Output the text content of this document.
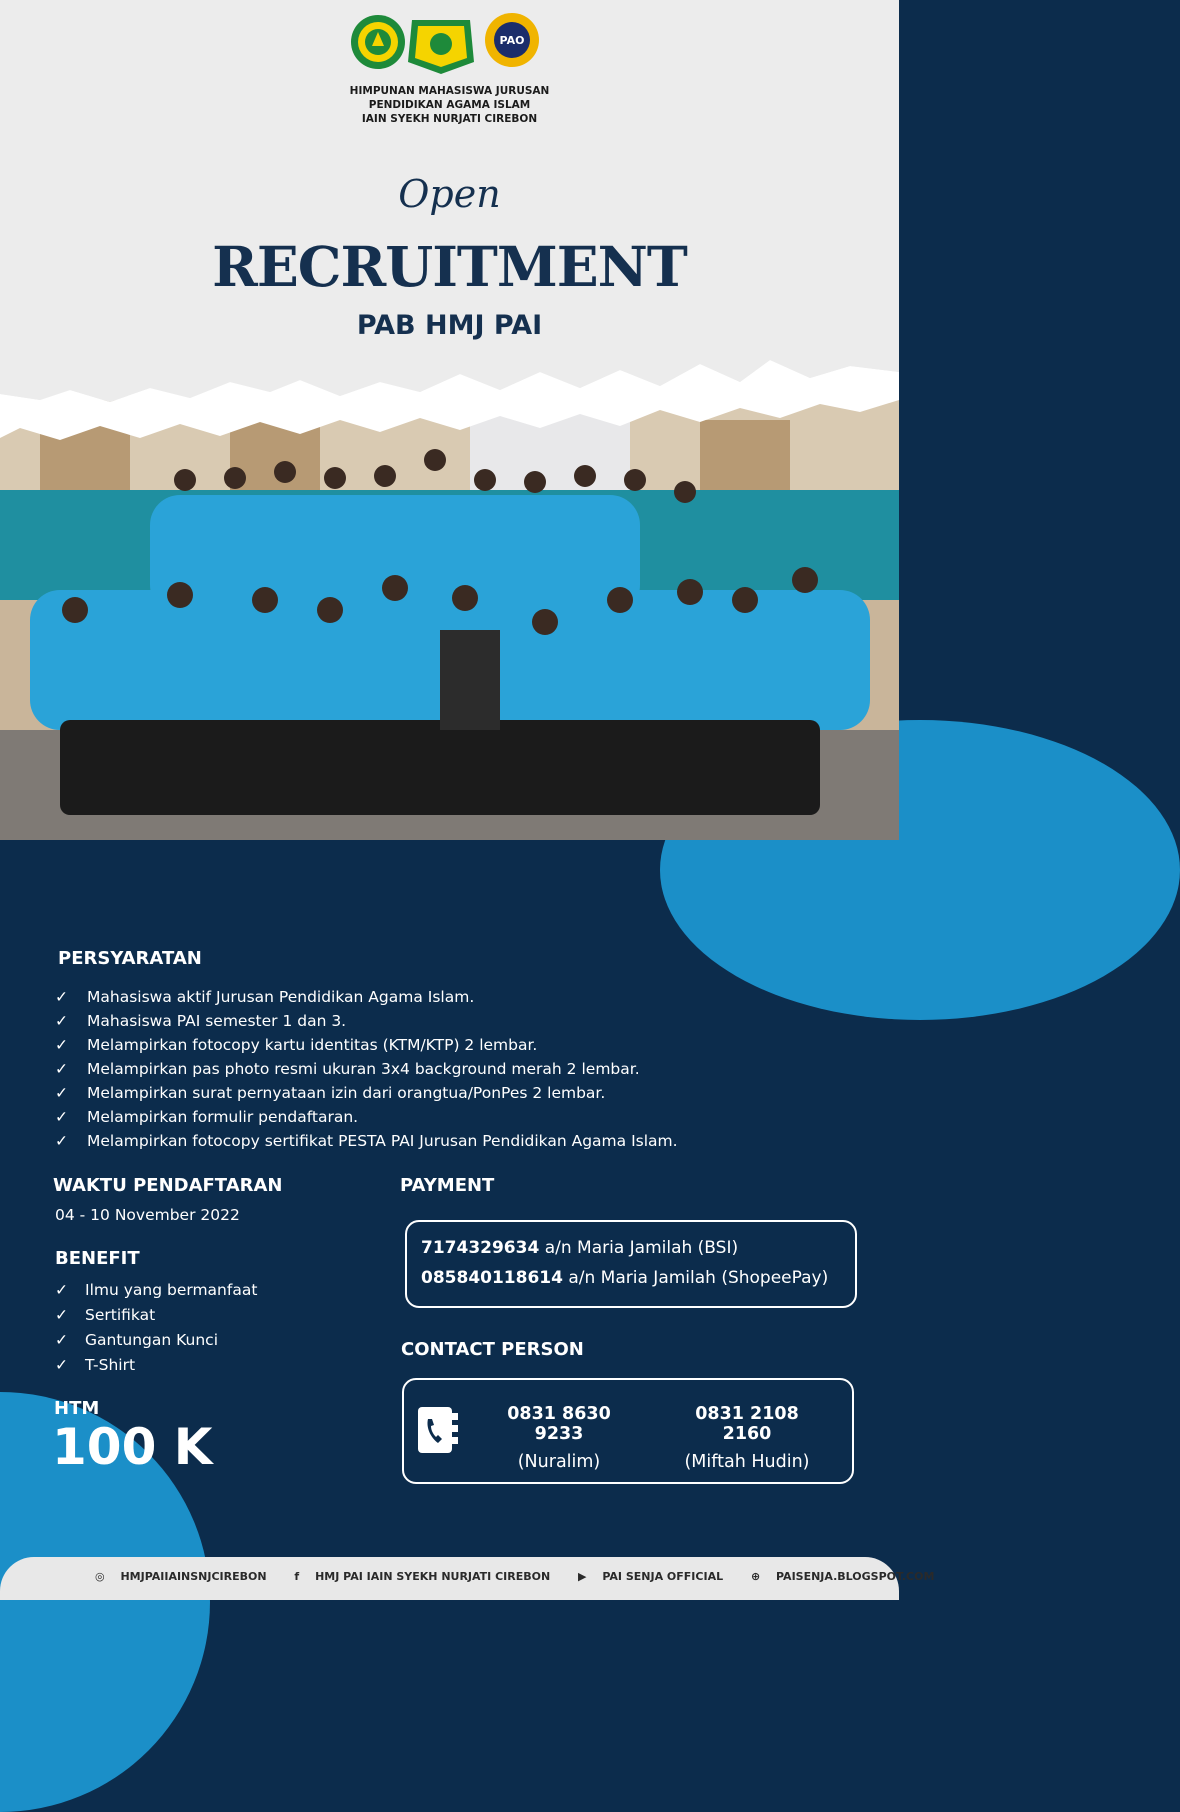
PAO
HIMPUNAN MAHASISWA JURUSAN
PENDIDIKAN AGAMA ISLAM
IAIN SYEKH NURJATI CIREBON
Open
RECRUITMENT
PAB HMJ PAI
PERSYARATAN
✓ Mahasiswa aktif Jurusan Pendidikan Agama Islam.
✓ Mahasiswa PAI semester 1 dan 3.
✓ Melampirkan fotocopy kartu identitas (KTM/KTP) 2 lembar.
✓ Melampirkan pas photo resmi ukuran 3x4 background merah 2 lembar.
✓ Melampirkan surat pernyataan izin dari orangtua/PonPes 2 lembar.
✓ Melampirkan formulir pendaftaran.
✓ Melampirkan fotocopy sertifikat PESTA PAI Jurusan Pendidikan Agama Islam.
WAKTU PENDAFTARAN
04 - 10 November 2022
BENEFIT
✓ Ilmu yang bermanfaat
✓ Sertifikat
✓ Gantungan Kunci
✓ T-Shirt
HTM
100 K
PAYMENT
7174329634 a/n Maria Jamilah (BSI)
085840118614 a/n Maria Jamilah (ShopeePay)
CONTACT PERSON
0831 8630 9233
(Nuralim)
0831 2108 2160
(Miftah Hudin)
◎ HMJPAIIAINSNJCIREBON	f HMJ PAI IAIN SYEKH NURJATI CIREBON	▶ PAI SENJA OFFICIAL	⊕ PAISENJA.BLOGSPOT.COM
